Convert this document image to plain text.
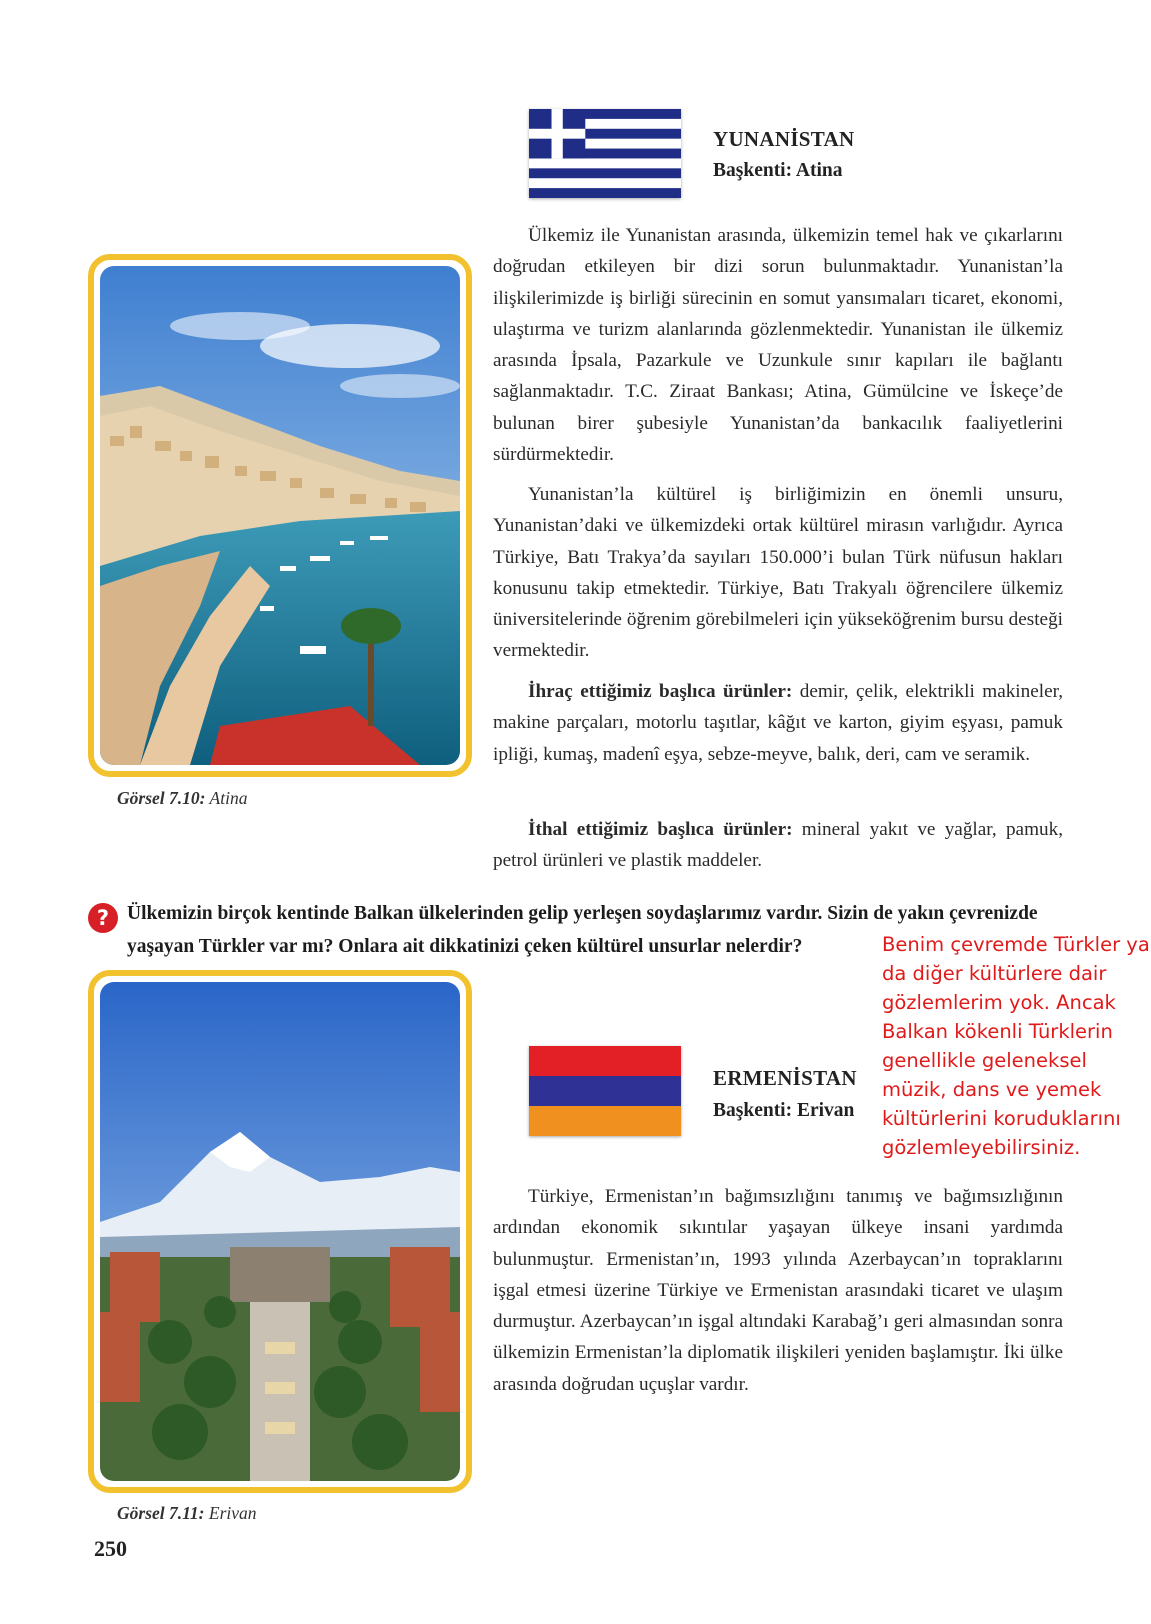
YUNANİSTAN
Başkenti: Atina
Görsel 7.10: Atina

Ülkemiz ile Yunanistan arasında, ülkemizin temel hak ve çıkarlarını doğrudan etkileyen bir dizi sorun bulunmaktadır. Yunanistan’la ilişkilerimizde iş birliği sürecinin en somut yansımaları ticaret, ekonomi, ulaştırma ve turizm alanlarında gözlenmektedir. Yunanistan ile ülkemiz arasında İpsala, Pazarkule ve Uzunkule sınır kapıları ile bağlantı sağlanmaktadır. T.C. Ziraat Bankası; Atina, Gümülcine ve İskeçe’de bulunan birer şubesiyle Yunanistan’da bankacılık faaliyetlerini sürdürmektedir.

Yunanistan’la kültürel iş birliğimizin en önemli unsuru, Yunanistan’daki ve ülkemizdeki ortak kültürel mirasın varlığıdır. Ayrıca Türkiye, Batı Trakya’da sayıları 150.000’i bulan Türk nüfusun hakları konusunu takip etmektedir. Türkiye, Batı Trakyalı öğrencilere ülkemiz üniversitelerinde öğrenim görebilmeleri için yükseköğrenim bursu desteği vermektedir.

İhraç ettiğimiz başlıca ürünler: demir, çelik, elektrikli makineler, makine parçaları, motorlu taşıtlar, kâğıt ve karton, giyim eşyası, pamuk ipliği, kumaş, madenî eşya, sebze-meyve, balık, deri, cam ve seramik.

İthal ettiğimiz başlıca ürünler: mineral yakıt ve yağlar, pamuk, petrol ürünleri ve plastik maddeler.

? Ülkemizin birçok kentinde Balkan ülkelerinden gelip yerleşen soydaşlarımız vardır. Sizin de yakın çevrenizde yaşayan Türkler var mı? Onlara ait dikkatinizi çeken kültürel unsurlar nelerdir?	Benim çevremde Türkler ya
da diğer kültürlere dair
gözlemlerim yok. Ancak
Balkan kökenli Türklerin
genellikle geleneksel
müzik, dans ve yemek
kültürlerini koruduklarını
gözlemleyebilirsiniz.
Görsel 7.11: Erivan
ERMENİSTAN
Başkenti: Erivan

Türkiye, Ermenistan’ın bağımsızlığını tanımış ve bağımsızlığının ardından ekonomik sıkıntılar yaşayan ülkeye insani yardımda bulunmuştur. Ermenistan’ın, 1993 yılında Azerbaycan’ın topraklarını işgal etmesi üzerine Türkiye ve Ermenistan arasındaki ticaret ve ulaşım durmuştur. Azerbaycan’ın işgal altındaki Karabağ’ı geri almasından sonra ülkemizin Ermenistan’la diplomatik ilişkileri yeniden başlamıştır. İki ülke arasında doğrudan uçuşlar vardır.

250
